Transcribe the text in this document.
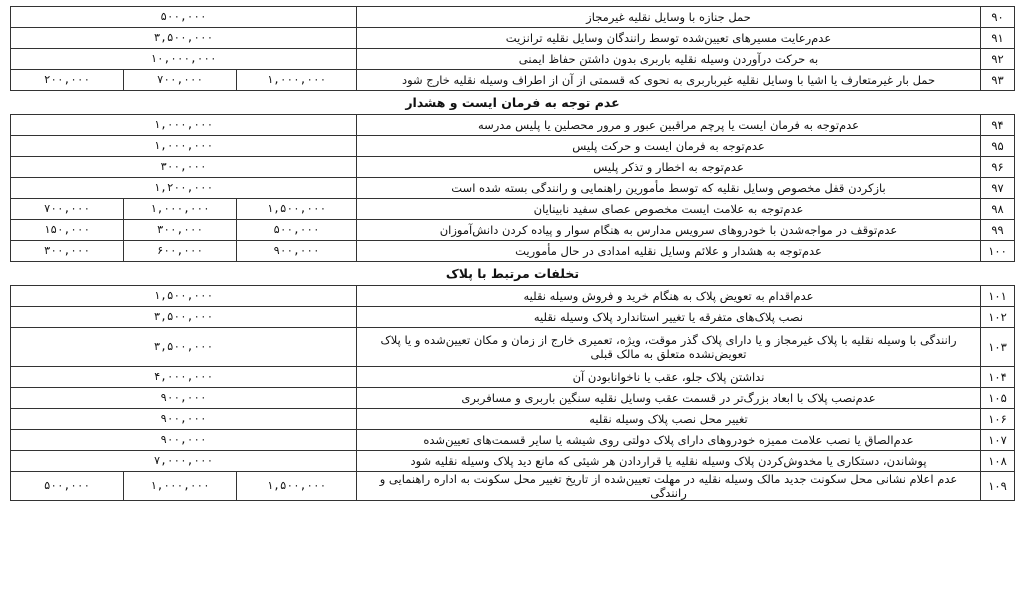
۹۰	حمل جنازه با وسایل نقلیه غیرمجاز	۵۰۰,۰۰۰		
۹۱	عدم‌رعایت مسیرهای تعیین‌شده توسط رانندگان وسایل نقلیه ترانزیت	۳,۵۰۰,۰۰۰		
۹۲	به حرکت درآوردن وسیله نقلیه باربری بدون داشتن حفاظ ایمنی	۱۰,۰۰۰,۰۰۰		
۹۳	حمل بار غیرمتعارف یا اشیا با وسایل نقلیه غیرباربری به نحوی که قسمتی از آن از اطراف وسیله نقلیه خارج شود	۱,۰۰۰,۰۰۰	۷۰۰,۰۰۰	۲۰۰,۰۰۰
عدم توجه به فرمان ایست و هشدار				
۹۴	عدم‌توجه به فرمان ایست یا پرچم مراقبین عبور و مرور محصلین یا پلیس مدرسه	۱,۰۰۰,۰۰۰		
۹۵	عدم‌توجه به فرمان ایست و حرکت پلیس	۱,۰۰۰,۰۰۰		
۹۶	عدم‌توجه به اخطار و تذکر پلیس	۳۰۰,۰۰۰		
۹۷	بازکردن قفل مخصوص وسایل نقلیه که توسط مأمورین راهنمایی و رانندگی بسته شده است	۱,۲۰۰,۰۰۰		
۹۸	عدم‌توجه به علامت ایست مخصوص عصای سفید نابینایان	۱,۵۰۰,۰۰۰	۱,۰۰۰,۰۰۰	۷۰۰,۰۰۰
۹۹	عدم‌توقف در مواجه‌شدن با خودروهای سرویس مدارس به هنگام سوار و پیاده کردن دانش‌آموزان	۵۰۰,۰۰۰	۳۰۰,۰۰۰	۱۵۰,۰۰۰
۱۰۰	عدم‌توجه به هشدار و علائم وسایل نقلیه امدادی در حال مأموریت	۹۰۰,۰۰۰	۶۰۰,۰۰۰	۳۰۰,۰۰۰
تخلفات مرتبط با پلاک				
۱۰۱	عدم‌اقدام به تعویض پلاک به هنگام خرید و فروش وسیله نقلیه	۱,۵۰۰,۰۰۰		
۱۰۲	نصب پلاک‌های متفرقه یا تغییر استاندارد پلاک وسیله نقلیه	۳,۵۰۰,۰۰۰		
۱۰۳	رانندگی با وسیله نقلیه با پلاک غیرمجاز و یا دارای پلاک گذر موقت، ویژه، تعمیری خارج از زمان و مکان تعیین‌شده و یا پلاک تعویض‌نشده متعلق به مالک قبلی	۳,۵۰۰,۰۰۰		
۱۰۴	نداشتن پلاک جلو، عقب یا ناخوانابودن آن	۴,۰۰۰,۰۰۰		
۱۰۵	عدم‌نصب پلاک با ابعاد بزرگ‌تر در قسمت عقب وسایل نقلیه سنگین باربری و مسافربری	۹۰۰,۰۰۰		
۱۰۶	تغییر محل نصب پلاک وسیله نقلیه	۹۰۰,۰۰۰		
۱۰۷	عدم‌الصاق یا نصب علامت ممیزه خودروهای دارای پلاک دولتی روی شیشه یا سایر قسمت‌های تعیین‌شده	۹۰۰,۰۰۰		
۱۰۸	پوشاندن، دستکاری یا مخدوش‌کردن پلاک وسیله نقلیه یا قراردادن هر شیئی که مانع دید پلاک وسیله نقلیه شود	۷,۰۰۰,۰۰۰		
۱۰۹	عدم اعلام نشانی محل سکونت جدید مالک وسیله نقلیه در مهلت تعیین‌شده از تاریخ تغییر محل سکونت به اداره راهنمایی و رانندگی	۱,۵۰۰,۰۰۰	۱,۰۰۰,۰۰۰	۵۰۰,۰۰۰
